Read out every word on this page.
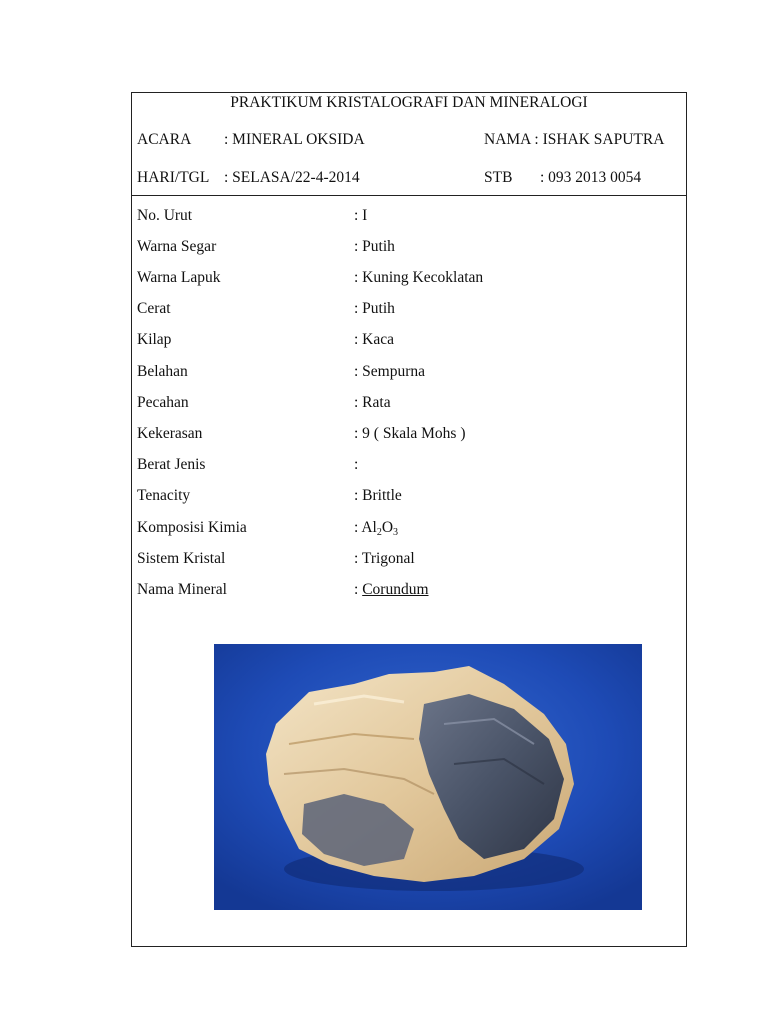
PRAKTIKUM KRISTALOGRAFI DAN MINERALOGI
ACARA : MINERAL OKSIDA	NAMA : ISHAK SAPUTRA
HARI/TGL : SELASA/22-4-2014	STB : 093 2013 0054
No. Urut	: I
Warna Segar	: Putih
Warna Lapuk	: Kuning Kecoklatan
Cerat	: Putih
Kilap	: Kaca
Belahan	: Sempurna
Pecahan	: Rata
Kekerasan	: 9 ( Skala Mohs )
Berat Jenis	:
Tenacity	: Brittle
Komposisi Kimia	: $Al_2O_3$
Sistem Kristal	: Trigonal
Nama Mineral	: Corundum
